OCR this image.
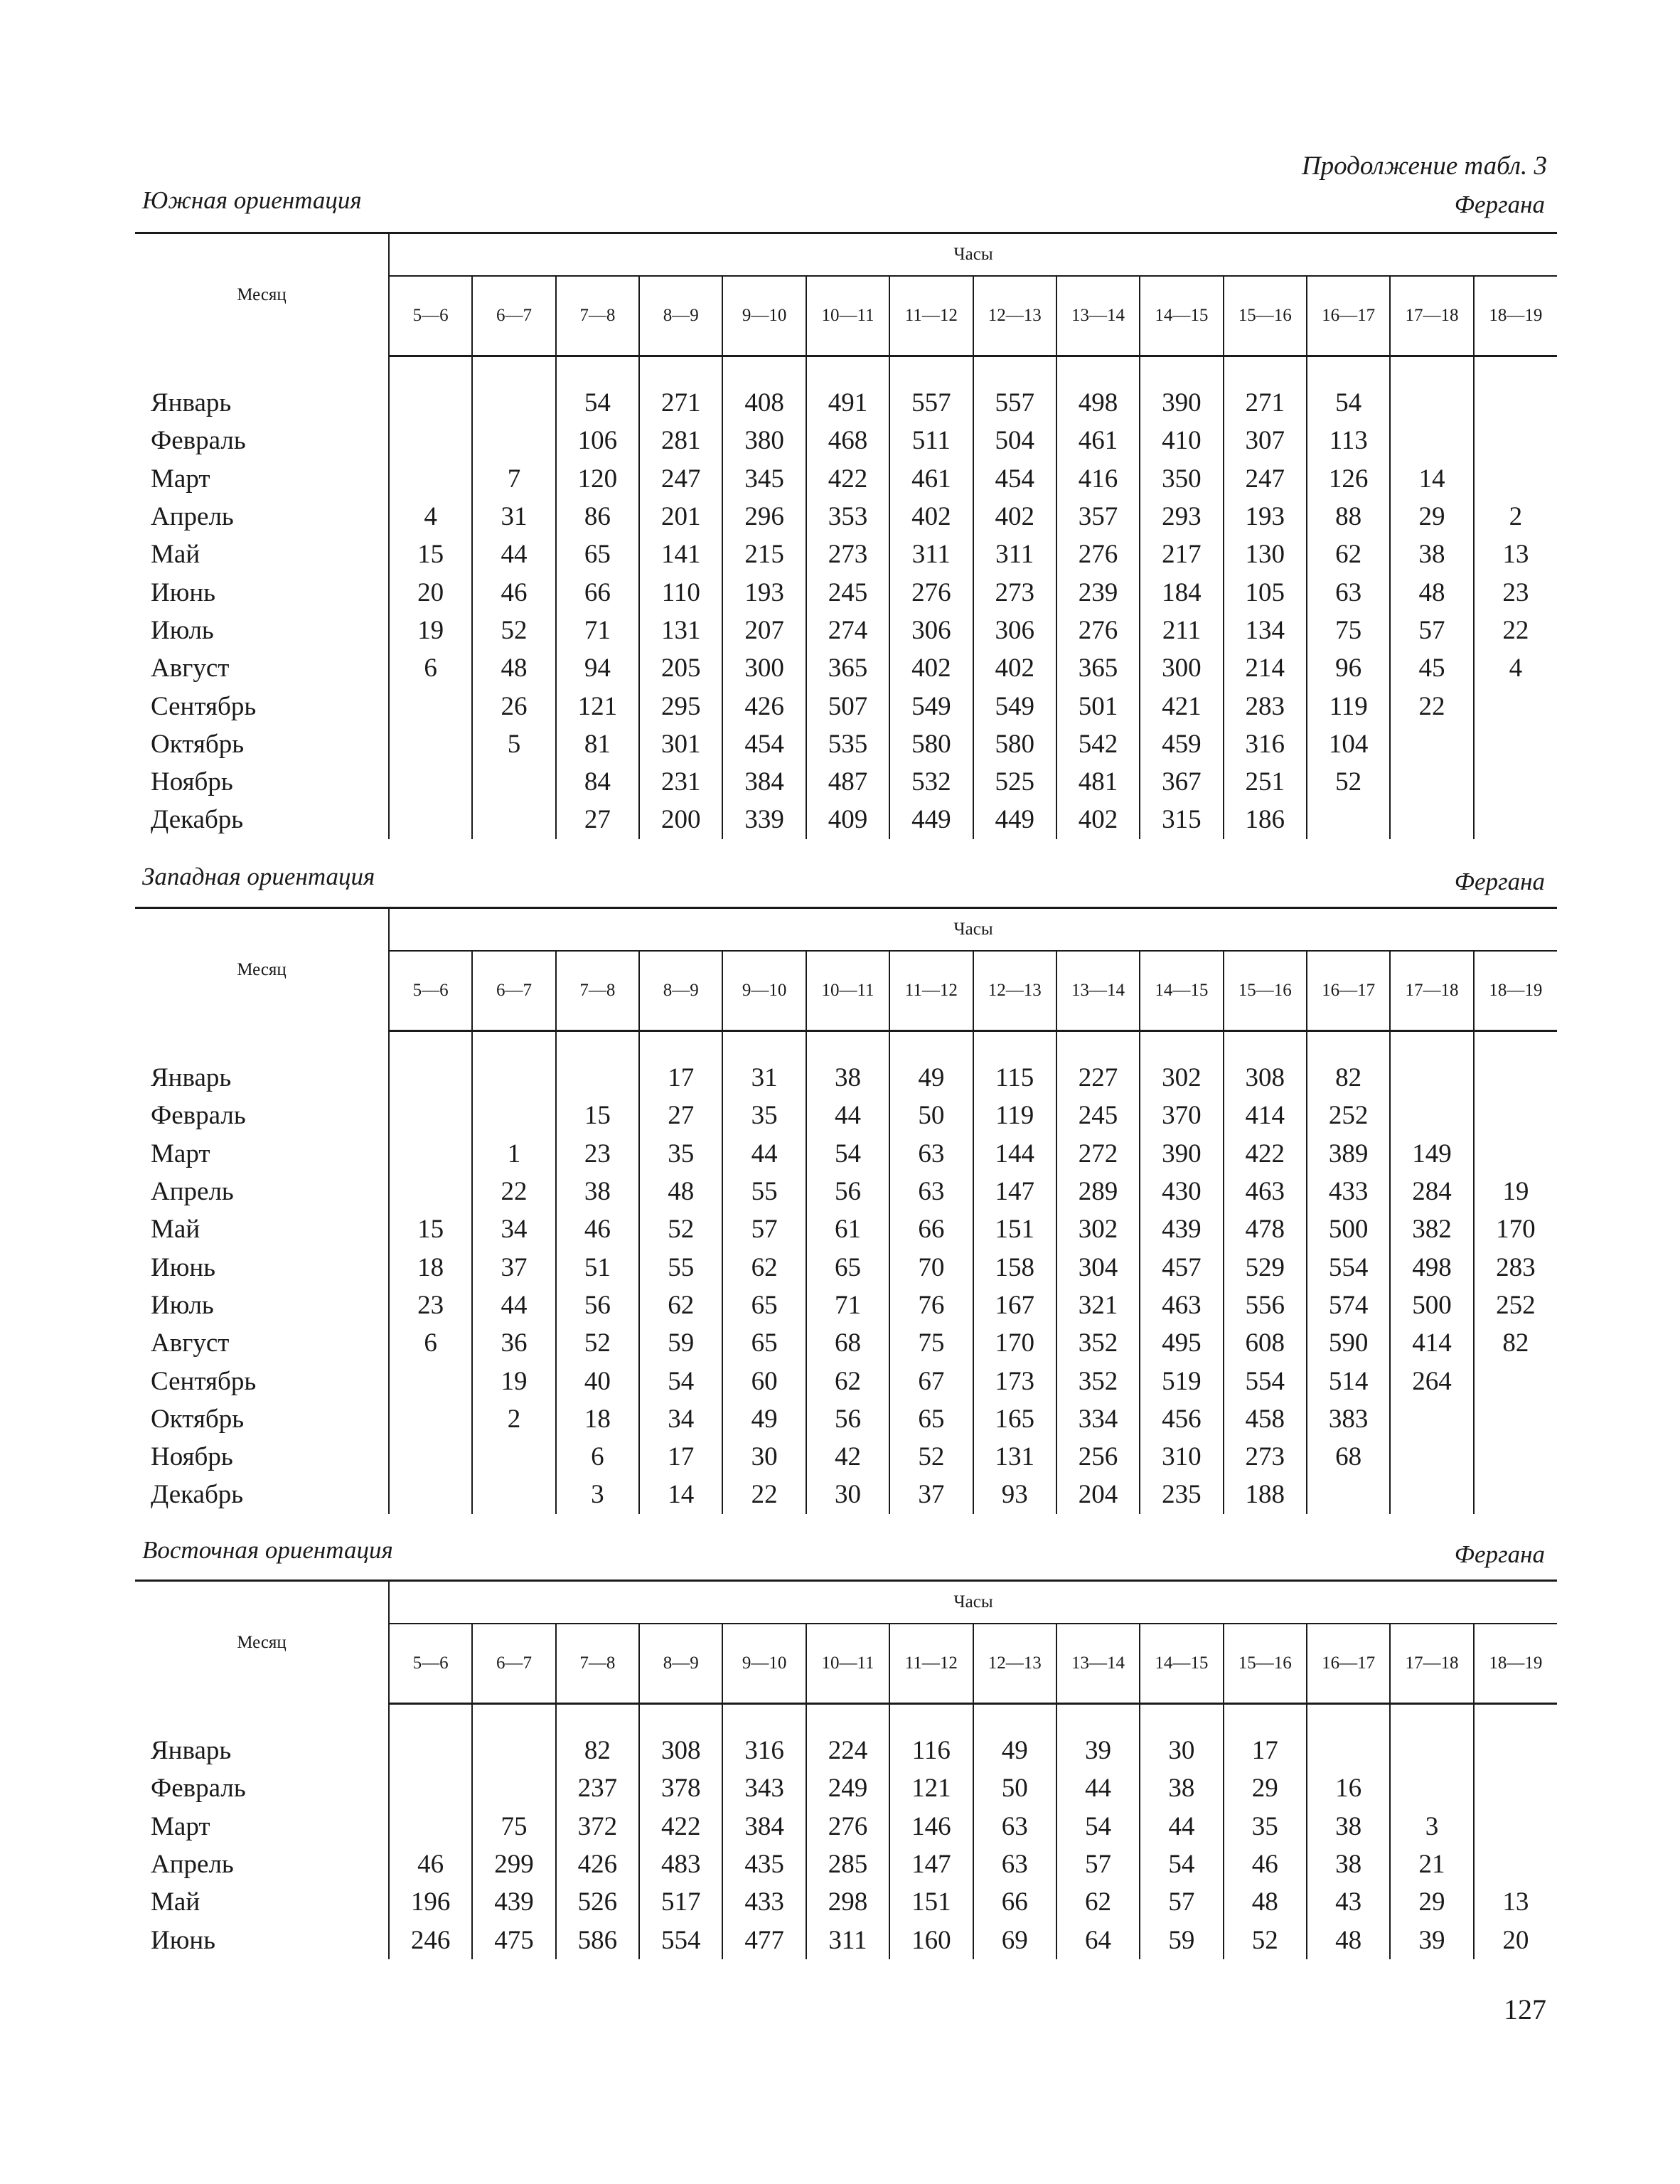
Продолжение табл. 3
Южная ориентация	Фергана
Месяц	Часы													
	5—6	6—7	7—8	8—9	9—10	10—11	11—12	12—13	13—14	14—15	15—16	16—17	17—18	18—19

Январь			54	271	408	491	557	557	498	390	271	54		
Февраль			106	281	380	468	511	504	461	410	307	113		
Март		7	120	247	345	422	461	454	416	350	247	126	14	
Апрель	4	31	86	201	296	353	402	402	357	293	193	88	29	2
Май	15	44	65	141	215	273	311	311	276	217	130	62	38	13
Июнь	20	46	66	110	193	245	276	273	239	184	105	63	48	23
Июль	19	52	71	131	207	274	306	306	276	211	134	75	57	22
Август	6	48	94	205	300	365	402	402	365	300	214	96	45	4
Сентябрь		26	121	295	426	507	549	549	501	421	283	119	22	
Октябрь		5	81	301	454	535	580	580	542	459	316	104		
Ноябрь			84	231	384	487	532	525	481	367	251	52		
Декабрь			27	200	339	409	449	449	402	315	186			
Западная ориентация	Фергана
Месяц	Часы													
	5—6	6—7	7—8	8—9	9—10	10—11	11—12	12—13	13—14	14—15	15—16	16—17	17—18	18—19

Январь				17	31	38	49	115	227	302	308	82		
Февраль			15	27	35	44	50	119	245	370	414	252		
Март		1	23	35	44	54	63	144	272	390	422	389	149	
Апрель		22	38	48	55	56	63	147	289	430	463	433	284	19
Май	15	34	46	52	57	61	66	151	302	439	478	500	382	170
Июнь	18	37	51	55	62	65	70	158	304	457	529	554	498	283
Июль	23	44	56	62	65	71	76	167	321	463	556	574	500	252
Август	6	36	52	59	65	68	75	170	352	495	608	590	414	82
Сентябрь		19	40	54	60	62	67	173	352	519	554	514	264	
Октябрь		2	18	34	49	56	65	165	334	456	458	383		
Ноябрь			6	17	30	42	52	131	256	310	273	68		
Декабрь			3	14	22	30	37	93	204	235	188			
Восточная ориентация	Фергана
Месяц	Часы													
	5—6	6—7	7—8	8—9	9—10	10—11	11—12	12—13	13—14	14—15	15—16	16—17	17—18	18—19

Январь			82	308	316	224	116	49	39	30	17			
Февраль			237	378	343	249	121	50	44	38	29	16		
Март		75	372	422	384	276	146	63	54	44	35	38	3	
Апрель	46	299	426	483	435	285	147	63	57	54	46	38	21	
Май	196	439	526	517	433	298	151	66	62	57	48	43	29	13
Июнь	246	475	586	554	477	311	160	69	64	59	52	48	39	20
127
